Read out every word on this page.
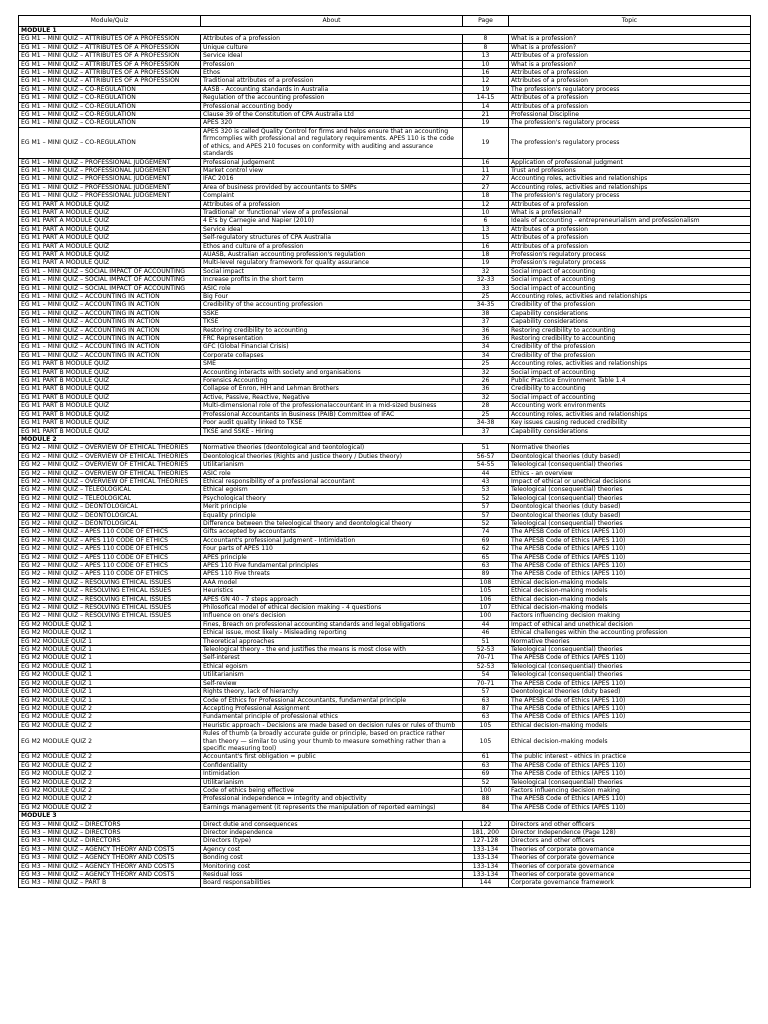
Module/Quiz	About	Page	Topic
MODULE 1			
EG M1 – MINI QUIZ – ATTRIBUTES OF A PROFESSION	Attributes of a profession	8	What is a profession?
EG M1 – MINI QUIZ – ATTRIBUTES OF A PROFESSION	Unique culture	8	What is a profession?
EG M1 – MINI QUIZ – ATTRIBUTES OF A PROFESSION	Service ideal	13	Attributes of a profession
EG M1 – MINI QUIZ – ATTRIBUTES OF A PROFESSION	Profession	10	What is a profession?
EG M1 – MINI QUIZ – ATTRIBUTES OF A PROFESSION	Ethos	16	Attributes of a profession
EG M1 – MINI QUIZ – ATTRIBUTES OF A PROFESSION	Traditional attributes of a profession	12	Attributes of a profession
EG M1 – MINI QUIZ – CO-REGULATION	AASB - Accounting standards in Australia	19	The profession's regulatory process
EG M1 – MINI QUIZ – CO-REGULATION	Regulation of the accounting profession	14-15	Attributes of a profession
EG M1 – MINI QUIZ – CO-REGULATION	Professional accounting body	14	Attributes of a profession
EG M1 – MINI QUIZ – CO-REGULATION	Clause 39 of the Constitution of CPA Australia Ltd	21	Professional Discipline
EG M1 – MINI QUIZ – CO-REGULATION	APES 320	19	The profession's regulatory process
EG M1 – MINI QUIZ – CO-REGULATION	APES 320 is called Quality Control for firms and helps ensure that an accounting firmcomplies with professional and regulatory requirements. APES 110 is the code of ethics, and APES 210 focuses on conformity with auditing and assurance standards	19	The profession's regulatory process
EG M1 – MINI QUIZ – PROFESSIONAL JUDGEMENT	Professional judgement	16	Application of professional judgment
EG M1 – MINI QUIZ – PROFESSIONAL JUDGEMENT	Market control view	11	Trust and professions
EG M1 – MINI QUIZ – PROFESSIONAL JUDGEMENT	IFAC 2016	27	Accounting roles, activities and relationships
EG M1 – MINI QUIZ – PROFESSIONAL JUDGEMENT	Area of business provided by accountants to SMPs	27	Accounting roles, activities and relationships
EG M1 – MINI QUIZ – PROFESSIONAL JUDGEMENT	Complaint	18	The profession's regulatory process
EG M1 PART A MODULE QUIZ	Attributes of a profession	12	Attributes of a profession
EG M1 PART A MODULE QUIZ	Traditional' or 'functional' view of a professional	10	What is a professional?
EG M1 PART A MODULE QUIZ	4 E's by Carnegie and Napier (2010)	6	Ideals of accounting - entrepreneurialism and professionalism
EG M1 PART A MODULE QUIZ	Service ideal	13	Attributes of a profession
EG M1 PART A MODULE QUIZ	Self-regulatory structures of CPA Australia	15	Attributes of a profession
EG M1 PART A MODULE QUIZ	Ethos and culture of a profession	16	Attributes of a profession
EG M1 PART A MODULE QUIZ	AUASB, Australian accounting profession's regulation	18	Profession's regulatory process
EG M1 PART A MODULE QUIZ	Multi-level regulatory framework for quality assurance	19	Profession's regulatory process
EG M1 – MINI QUIZ – SOCIAL IMPACT OF ACCOUNTING	Social impact	32	Social impact of accounting
EG M1 – MINI QUIZ – SOCIAL IMPACT OF ACCOUNTING	Increase profits in the short term	32-33	Social impact of accounting
EG M1 – MINI QUIZ – SOCIAL IMPACT OF ACCOUNTING	ASIC role	33	Social impact of accounting
EG M1 – MINI QUIZ – ACCOUNTING IN ACTION	Big Four	25	Accounting roles, activities and relationships
EG M1 – MINI QUIZ – ACCOUNTING IN ACTION	Credibility of the accounting profession	34-35	Credibility of the profession
EG M1 – MINI QUIZ – ACCOUNTING IN ACTION	SSKE	38	Capability considerations
EG M1 – MINI QUIZ – ACCOUNTING IN ACTION	TKSE	37	Capability considerations
EG M1 – MINI QUIZ – ACCOUNTING IN ACTION	Restoring credibility to accounting	36	Restoring credibility to accounting
EG M1 – MINI QUIZ – ACCOUNTING IN ACTION	FRC Representation	36	Restoring credibility to accounting
EG M1 – MINI QUIZ – ACCOUNTING IN ACTION	GFC (Global Financial Crisis)	34	Credibility of the profession
EG M1 – MINI QUIZ – ACCOUNTING IN ACTION	Corporate collapses	34	Credibility of the profession
EG M1 PART B MODULE QUIZ	SME	25	Accounting roles, activities and relationships
EG M1 PART B MODULE QUIZ	Accounting interacts with society and organisations	32	Social impact of accounting
EG M1 PART B MODULE QUIZ	Forensics Accounting	26	Public Practice Environment Table 1.4
EG M1 PART B MODULE QUIZ	Collapse of Enron, HIH and Lehman Brothers	36	Credibility to accounting
EG M1 PART B MODULE QUIZ	Active, Passive, Reactive, Negative	32	Social impact of accounting
EG M1 PART B MODULE QUIZ	Multi-dimensional role of the professionalaccountant in a mid-sized business	28	Accounting work environments
EG M1 PART B MODULE QUIZ	Professional Accountants in Business (PAIB) Committee of IFAC	25	Accounting roles, activities and relationships
EG M1 PART B MODULE QUIZ	Poor audit quality linked to TKSE	34-38	Key issues causing reduced credibility
EG M1 PART B MODULE QUIZ	TKSE and SSKE - Hiring	37	Capability considerations
MODULE 2			
EG M2 – MINI QUIZ – OVERVIEW OF ETHICAL THEORIES	Normative theories (deontological and teontological)	51	Normative theories
EG M2 – MINI QUIZ – OVERVIEW OF ETHICAL THEORIES	Deontological theories (Rights and Justice theory / Duties theory)	56-57	Deontological theories (duty based)
EG M2 – MINI QUIZ – OVERVIEW OF ETHICAL THEORIES	Utilitarianism	54-55	Teleological (consequential) theories
EG M2 – MINI QUIZ – OVERVIEW OF ETHICAL THEORIES	ASIC role	44	Ethics - an overview
EG M2 – MINI QUIZ – OVERVIEW OF ETHICAL THEORIES	Ethical responsibility of a professional accountant	43	Impact of ethical or unethical decisions
EG M2 – MINI QUIZ – TELEOLOGICAL	Ethical egoism	53	Teleological (consequential) theories
EG M2 – MINI QUIZ – TELEOLOGICAL	Psychological theory	52	Teleological (consequential) theories
EG M2 – MINI QUIZ – DEONTOLOGICAL	Merit principle	57	Deontological theories (duty based)
EG M2 – MINI QUIZ – DEONTOLOGICAL	Equality principle	57	Deontological theories (duty based)
EG M2 – MINI QUIZ – DEONTOLOGICAL	Difference between the teleological theory and deontological theory	52	Teleological (consequential) theories
EG M2 – MINI QUIZ – APES 110 CODE OF ETHICS	Gifts accepted by accountants	74	The APESB Code of Ethics (APES 110)
EG M2 – MINI QUIZ – APES 110 CODE OF ETHICS	Accountant's professional judgment - Intimidation	69	The APESB Code of Ethics (APES 110)
EG M2 – MINI QUIZ – APES 110 CODE OF ETHICS	Four parts of APES 110	62	The APESB Code of Ethics (APES 110)
EG M2 – MINI QUIZ – APES 110 CODE OF ETHICS	APES principle	65	The APESB Code of Ethics (APES 110)
EG M2 – MINI QUIZ – APES 110 CODE OF ETHICS	APES 110 Five fundamental principles	63	The APESB Code of Ethics (APES 110)
EG M2 – MINI QUIZ – APES 110 CODE OF ETHICS	APES 110 Five threats	89	The APESB Code of Ethics (APES 110)
EG M2 – MINI QUIZ – RESOLVING ETHICAL ISSUES	AAA model	108	Ethical decision-making models
EG M2 – MINI QUIZ – RESOLVING ETHICAL ISSUES	Heuristics	105	Ethical decision-making models
EG M2 – MINI QUIZ – RESOLVING ETHICAL ISSUES	APES GN 40 - 7 steps approach	106	Ethical decision-making models
EG M2 – MINI QUIZ – RESOLVING ETHICAL ISSUES	Philosofical model of ethical decision making - 4 questions	107	Ethical decision-making models
EG M2 – MINI QUIZ – RESOLVING ETHICAL ISSUES	Influence on one's decision	100	Factors influencing decision making
EG M2 MODULE QUIZ 1	Fines, Breach on professional accounting standards and legal obligations	44	Impact of ethical and unethical decision
EG M2 MODULE QUIZ 1	Ethical issue, most likely - Misleading reporting	46	Ethical challenges within the accounting profession
EG M2 MODULE QUIZ 1	Theoretical approaches	51	Normative theories
EG M2 MODULE QUIZ 1	Teleological theory - the end justifies the means is most close with	52-53	Teleological (consequential) theories
EG M2 MODULE QUIZ 1	Self-interest	70-71	The APESB Code of Ethics (APES 110)
EG M2 MODULE QUIZ 1	Ethical egoism	52-53	Teleological (consequential) theories
EG M2 MODULE QUIZ 1	Utilitarianism	54	Teleological (consequential) theories
EG M2 MODULE QUIZ 1	Self-review	70-71	The APESB Code of Ethics (APES 110)
EG M2 MODULE QUIZ 1	Rights theory, lack of hierarchy	57	Deontological theories (duty based)
EG M2 MODULE QUIZ 1	Code of Ethics for Professional Accountants, fundamental principle	63	The APESB Code of Ethics (APES 110)
EG M2 MODULE QUIZ 2	Accepting Professional Assignment	87	The APESB Code of Ethics (APES 110)
EG M2 MODULE QUIZ 2	Fundamental principle of professional ethics	63	The APESB Code of Ethics (APES 110)
EG M2 MODULE QUIZ 2	Heuristic approach - Decisions are made based on decision rules or rules of thumb	105	Ethical decision-making models
EG M2 MODULE QUIZ 2	Rules of thumb (a broadly accurate guide or principle, based on practice rather than theory — similar to using your thumb to measure something rather than a specific measuring tool)	105	Ethical decision-making models
EG M2 MODULE QUIZ 2	Accountant's first obligation = public	61	The public interest - ethics in practice
EG M2 MODULE QUIZ 2	Confidentiality	63	The APESB Code of Ethics (APES 110)
EG M2 MODULE QUIZ 2	Intimidation	69	The APESB Code of Ethics (APES 110)
EG M2 MODULE QUIZ 2	Utilitarianism	52	Teleological (consequential) theories
EG M2 MODULE QUIZ 2	Code of ethics being effective	100	Factors influencing decision making
EG M2 MODULE QUIZ 2	Professional independence = integrity and objectivity	88	The APESB Code of Ethics (APES 110)
EG M2 MODULE QUIZ 2	Earnings management (it represents the manipulation of reported earnings)	84	The APESB Code of Ethics (APES 110)
MODULE 3			
EG M3 – MINI QUIZ – DIRECTORS	Direct dutie and consequences	122	Directors and other officers
EG M3 – MINI QUIZ – DIRECTORS	Director independence	181, 200	Director Independence (Page 128)
EG M3 – MINI QUIZ – DIRECTORS	Directors (type)	127-128	Directors and other officers
EG M3 – MINI QUIZ – AGENCY THEORY AND COSTS	Agency cost	133-134	Theories of corporate governance
EG M3 – MINI QUIZ – AGENCY THEORY AND COSTS	Bonding cost	133-134	Theories of corporate governance
EG M3 – MINI QUIZ – AGENCY THEORY AND COSTS	Monitoring cost	133-134	Theories of corporate governance
EG M3 – MINI QUIZ – AGENCY THEORY AND COSTS	Residual loss	133-134	Theories of corporate governance
EG M3 – MINI QUIZ – PART B	Board responsabilities	144	Corporate governance framework
